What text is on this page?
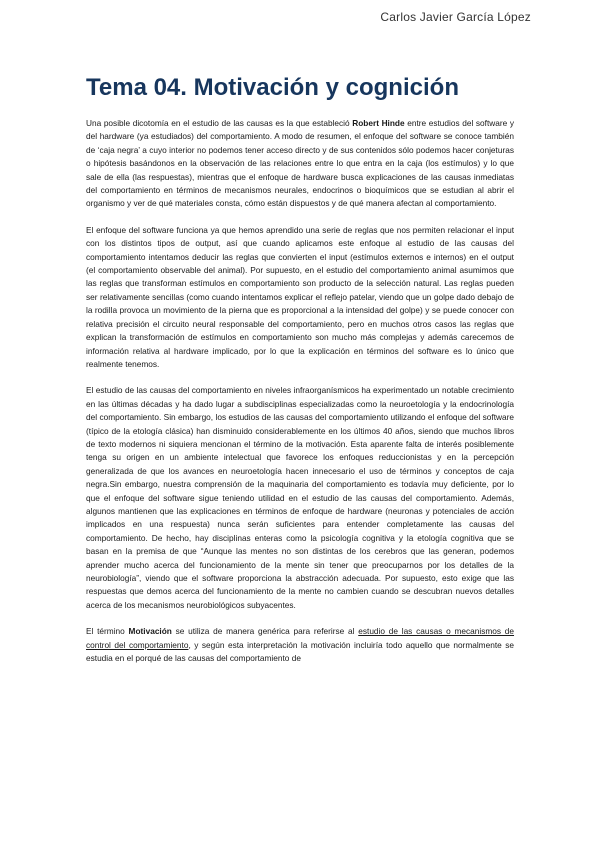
Carlos Javier García López
Tema 04. Motivación y cognición

Una posible dicotomía en el estudio de las causas es la que estableció Robert Hinde entre estudios del software y del hardware (ya estudiados) del comportamiento. A modo de resumen, el enfoque del software se conoce también de ‘caja negra’ a cuyo interior no podemos tener acceso directo y de sus contenidos sólo podemos hacer conjeturas o hipótesis basándonos en la observación de las relaciones entre lo que entra en la caja (los estímulos) y lo que sale de ella (las respuestas), mientras que el enfoque de hardware busca explicaciones de las causas inmediatas del comportamiento en términos de mecanismos neurales, endocrinos o bioquímicos que se estudian al abrir el organismo y ver de qué materiales consta, cómo están dispuestos y de qué manera afectan al comportamiento.

El enfoque del software funciona ya que hemos aprendido una serie de reglas que nos permiten relacionar el input con los distintos tipos de output, así que cuando aplicamos este enfoque al estudio de las causas del comportamiento intentamos deducir las reglas que convierten el input (estímulos externos e internos) en el output (el comportamiento observable del animal). Por supuesto, en el estudio del comportamiento animal asumimos que las reglas que transforman estímulos en comportamiento son producto de la selección natural. Las reglas pueden ser relativamente sencillas (como cuando intentamos explicar el reflejo patelar, viendo que un golpe dado debajo de la rodilla provoca un movimiento de la pierna que es proporcional a la intensidad del golpe) y se puede conocer con relativa precisión el circuito neural responsable del comportamiento, pero en muchos otros casos las reglas que explican la transformación de estímulos en comportamiento son mucho más complejas y además carecemos de información relativa al hardware implicado, por lo que la explicación en términos del software es lo único que realmente tenemos.

El estudio de las causas del comportamiento en niveles infraorganísmicos ha experimentado un notable crecimiento en las últimas décadas y ha dado lugar a subdisciplinas especializadas como la neuroetología y la endocrinología del comportamiento. Sin embargo, los estudios de las causas del comportamiento utilizando el enfoque del software (típico de la etología clásica) han disminuido considerablemente en los últimos 40 años, siendo que muchos libros de texto modernos ni siquiera mencionan el término de la motivación. Esta aparente falta de interés posiblemente tenga su origen en un ambiente intelectual que favorece los enfoques reduccionistas y en la percepción generalizada de que los avances en neuroetología hacen innecesario el uso de términos y conceptos de caja negra.Sin embargo, nuestra comprensión de la maquinaria del comportamiento es todavía muy deficiente, por lo que el enfoque del software sigue teniendo utilidad en el estudio de las causas del comportamiento. Además, algunos mantienen que las explicaciones en términos de enfoque de hardware (neuronas y potenciales de acción implicados en una respuesta) nunca serán suficientes para entender completamente las causas del comportamiento. De hecho, hay disciplinas enteras como la psicología cognitiva y la etología cognitiva que se basan en la premisa de que “Aunque las mentes no son distintas de los cerebros que las generan, podemos aprender mucho acerca del funcionamiento de la mente sin tener que preocuparnos por los detalles de la neurobiología”, viendo que el software proporciona la abstracción adecuada. Por supuesto, esto exige que las respuestas que demos acerca del funcionamiento de la mente no cambien cuando se descubran nuevos detalles acerca de los mecanismos neurobiológicos subyacentes.

El término Motivación se utiliza de manera genérica para referirse al estudio de las causas o mecanismos de control del comportamiento, y según esta interpretación la motivación incluiría todo aquello que normalmente se estudia en el porqué de las causas del comportamiento de
